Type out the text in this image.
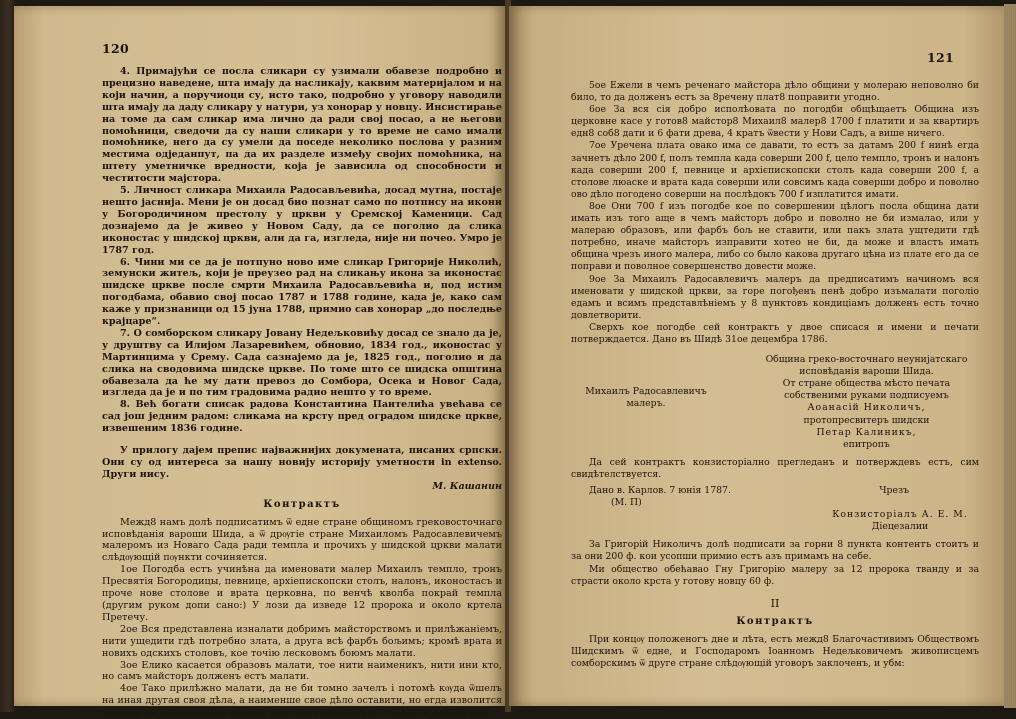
120

4. Примајући се посла сликари су узимали обавезе подробно и прецизно наведене, шта имају да насликају, каквим материјалом и на који начин, а поручиоци су, исто тако, подробно у уговору наводили шта имају да даду сликару у натури, уз хонорар у новцу. Инсистирање на томе да сам сликар има лично да ради свој посао, а не његови помоћници, сведочи да су наши сликари у то време не само имали помоћнике, него да су умели да поседе неколико послова у разним местима одједанпут, па да их разделе између својих помоћника, на штету уметничке вредности, која је зависила од способности и честитости мајстора.

5. Личност сликара Михаила Радосављевића, досад мутна, постаје нешто јаснија. Мени је он досад био познат само по потпису на икони у Богородичином престолу у цркви у Сремској Каменици. Сад дознајемо да је живео у Новом Саду, да се поголио да слика иконостас у шидској цркви, али да га, изгледа, није ни почео. Умро је 1787 год.

6. Чини ми се да је потпуно ново име сликар Григорије Николић, земунски житељ, који је преузео рад на сликању икона за иконостас шидске цркве после смрти Михаила Радосављевића и, под истим погодбама, обавио свој посао 1787 и 1788 године, када је, како сам каже у признаници од 15 јуна 1788, примио сав хонорар „до последње крајцаре“.

7. О сомборском сликару Јовану Недељковићу досад се знало да је, у друштву са Илијом Лазаревићем, обновио, 1834 год., иконостас у Мартинцима у Срему. Сада сазнајемо да је, 1825 год., поголио и да слика на сводовима шидске цркве. По томе што се шидска општина обавезала да ће му дати превоз до Сомбора, Осека и Новог Сада, изгледа да је и по тим градовима радио нешто у то време.

8. Већ богати списак радова Константина Пантелића увећава се сад још једним радом: сликама на крсту пред оградом шидске цркве, извешеним 1836 године.

У прилогу дајем препис најважнијих докумената, писаних српски. Они су од интереса за нашу новију историју уметности in extenso. Други нису.

М. Кашанин

Контрактъ

Межд8 намъ долѣ подписатимъ ѿ едне стране общиномъ грековосточнаго исповѣданія вароши Шида, а ѿ дрѹгіе стране Михаиломъ Радосавлевичемъ малеромъ из Новаго Сада ради темпла и прочихъ у шидской цркви малати слѣдѹющій пѹнкти сочиняется.

1ое Погодба естъ учинѣна да именовати малер Михаилъ темпло, тронъ Пресвятія Богородицы, певнице, архіепископски столъ, налонъ, иконостасъ и проче нове столове и врата церковна, по венчѣ кволба покрай темпла (другим руком допи сано:) У лози да изведе 12 пророка и около кртела Претечу.

2ое Вся представлена изналати добримъ майсторствомъ и прилѣжаніемъ, нити ущедити гдѣ потребно злата, а другa всѣ фарбъ бољимъ; кромѣ врата и новихъ одскихъ столовъ, кое точію лесковомъ боюмъ малати.

3ое Елико касается образовъ малати, тое нити наименикъ, нити ини кто, но самъ майсторъ долженъ естъ малати.

4ое Тако прилѣжно малати, да не би томно зачелъ і потомѣ кѹда ѿшелъ на иная другая своя дѣла, а наименше свое дѣло оставити, но егда изволится общини да дѣло малерія зачети, майсторъ долженъ естъ дѣлати непрестано.

121

5ое Ежели в чемъ реченаго майстора дѣло общини у молерaю неповолно би било, то да долженъ естъ за 8речену плат8 поправити угодно.

6ое За вся сія добро исполѣовата по погодби общѣщаетъ Община изъ церковне касе у готов8 майстор8 Михаил8 малер8 1700 f платити и за квартиръ едн8 соб8 дати и 6 фати древа, 4 кратъ ѿвести у Нови Садъ, а више ничего.

7ое Уречена плата овако има се давати, то естъ за датамъ 200 f нинѣ егда зачнетъ дѣло 200 f, полъ темпла када соверши 200 f, цело темпло, тронъ и налонъ када соверши 200 f, певнице и архієпископски столъ када соверши 200 f, а столове люаске и врата када соверши или совсимъ када соверши добро и поволно ово дѣло погодено соверши на послѣдокъ 700 f изплатится имати.

8ое Они 700 f изъ погодбе кое по совершении цѣлогъ посла община дати имать изъ того аще в чемъ майсторъ добро и поволно не би измалао, или у малерaю образовъ, или фарбъ бољ не ставити, или пакъ злата ущтедити гдѣ потребно, иначе майсторъ изправити хотео не би, да може и властъ имать община чрезъ иного малера, либо со было каковa другаго цѣна из плате его да се поправи и поволное совершенство довести може.

9ое За Михаилъ Радосавлевичъ малеръ да предписатимъ начиномъ вся именовати у шидской цркви, за горе погођенъ пенѣ добро изъмалати поголіо едамъ и всимъ представлѣніемъ у 8 пунктовъ кондицiамъ долженъ естъ точно довлетворити.

Сверхъ кое погодбе сей контрактъ у двое списася и имени и печати потверждается. Дано въ Шидѣ 31ое децембра 1786.

Михаилъ Радосавлевичъ

малеръ.

Община греко-восточнаго неунијатскаго

исповѣданія вароши Шида.

От стране общества мѣсто печата собственими руками подписуемъ

Аоанасій Николичъ,

протопресвитеръ шидски

Петар Калиникъ,

епитропъ

Да сей контрактъ конзисторіално прегледанъ и потверждевъ естъ, сим свидѣтелствуется.

Дано в. Карлов. 7 юнія 1787.	Чрезъ

(М. П)

Конзисторіалъ А. Е. М.

Діецезалии

За Григорій Николичъ долѣ подписати за горни 8 пункта контентъ стоитъ и за они 200 ф. кои усопши примио естъ азъ примамъ на себе.

Ми общество обећавао Гну Григорію малеру за 12 пророка тванду и за страсти около крста у готову новцу 60 ф.

II

Контрактъ

При концѹ положеногъ дне и лѣта, естъ межд8 Благочастивимъ Обществомъ Шидскимъ ѿ едне, и Господаромъ Іоанномъ Недељковичемъ живописцемъ сомборскимъ ѿ друге стране слѣдѹющій уговоръ заклоченъ, и убм:
